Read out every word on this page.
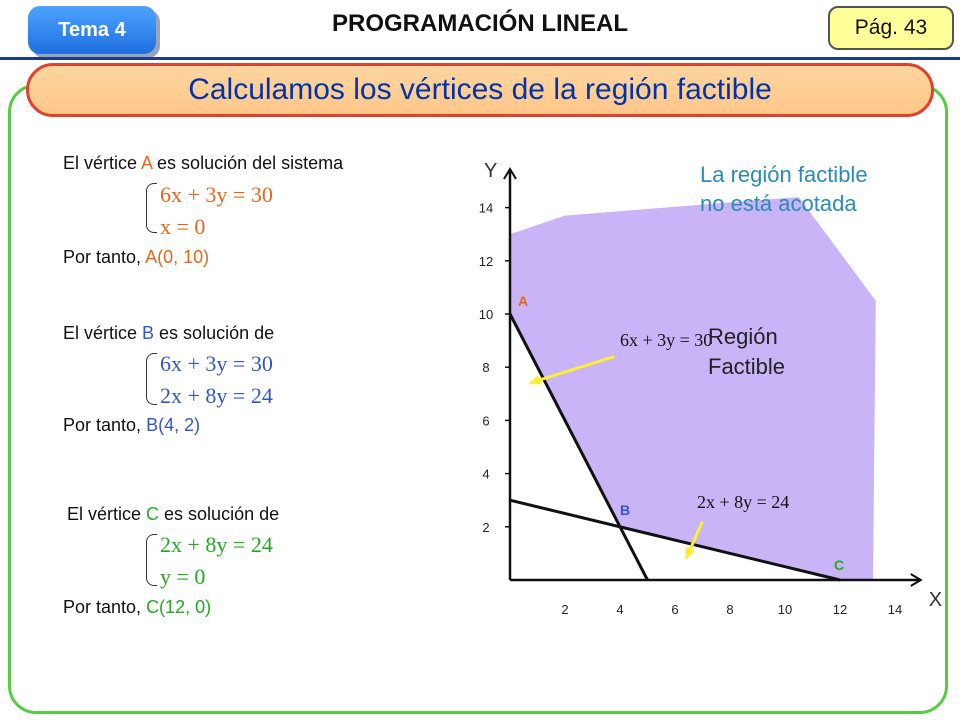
Tema 4	PROGRAMACIÓN LINEAL	Pág. 43
Calculamos los vértices de la región factible
El vértice A es solución del sistema
6x + 3y = 30
x = 0
Por tanto, A(0, 10)
El vértice B es solución de
6x + 3y = 30
2x + 8y = 24
Por tanto, B(4, 2)
El vértice C es solución de
2x + 8y = 24
y = 0
Por tanto, C(12, 0)	X
Y
2	4	6	8	10	12	14
2
4
6
8
10
12
14
6x + 3y = 30
2x + 8y = 24
A
B
C
La región factible
no está acotada
Región
Factible
